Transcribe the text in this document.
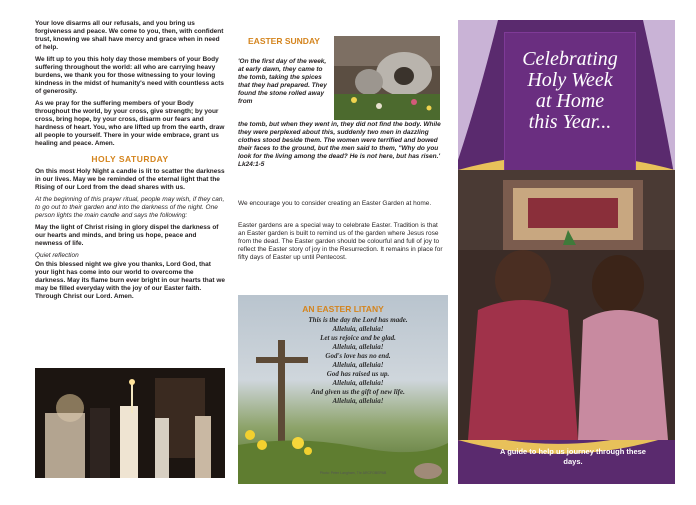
Your love disarms all our refusals, and you bring us forgiveness and peace. We come to you, then, with confident trust, knowing we shall have mercy and grace when in need of help.

We lift up to you this holy day those members of your Body suffering throughout the world: all who are carrying heavy burdens, we thank you for those witnessing to your loving kindness in the midst of humanity's need with countless acts of generosity.

As we pray for the suffering members of your Body throughout the world, by your cross, give strength; by your cross, bring hope, by your cross, disarm our fears and hardness of heart. You, who are lifted up from the earth, draw all people to yourself. There in your wide embrace, grant us healing and peace. Amen.

HOLY SATURDAY

On this most Holy Night a candle is lit to scatter the darkness in our lives. May we be reminded of the eternal light that the Rising of our Lord from the dead shares with us.

At the beginning of this prayer ritual, people may wish, if they can, to go out to their garden and into the darkness of the night. One person lights the main candle and says the following:

May the light of Christ rising in glory dispel the darkness of our hearts and minds, and bring us hope, peace and newness of life.

Quiet reflection

On this blessed night we give you thanks, Lord God, that your light has come into our world to overcome the darkness. May its flame burn ever bright in our hearts that we may be filled everyday with the joy of our Easter faith. Through Christ our Lord. Amen.

EASTER SUNDAY

'On the first day of the week, at early dawn, they came to the tomb, taking the spices that they had prepared. They found the stone rolled away from

the tomb, but when they went in, they did not find the body. While they were perplexed about this, suddenly two men in dazzling clothes stood beside them. The women were terrified and bowed their faces to the ground, but the men said to them, "Why do you look for the living among the dead? He is not here, but has risen.' Lk24:1-5

We encourage you to consider creating an Easter Garden at home.

Easter gardens are a special way to celebrate Easter. Tradition is that an Easter garden is built to remind us of the garden where Jesus rose from the dead. The Easter garden should be colourful and full of joy to reflect the Easter story of joy in the Resurrection. It remains in place for fifty days of Easter up until Pentecost.

AN EASTER LITANY
This is the day the Lord has made.
Alleluia, alleluia!
Let us rejoice and be glad.
Alleluia, alleluia!
God's love has no end.
Alleluia, alleluia!
God has raised us up.
Alleluia, alleluia!
And given us the gift of new life.
Alleluia, alleluia!
Photo: Peter Langham, Thr ARCFOBEPAB
Celebrating
Holy Week
at Home
this Year...
A guide to help us journey through these days.
